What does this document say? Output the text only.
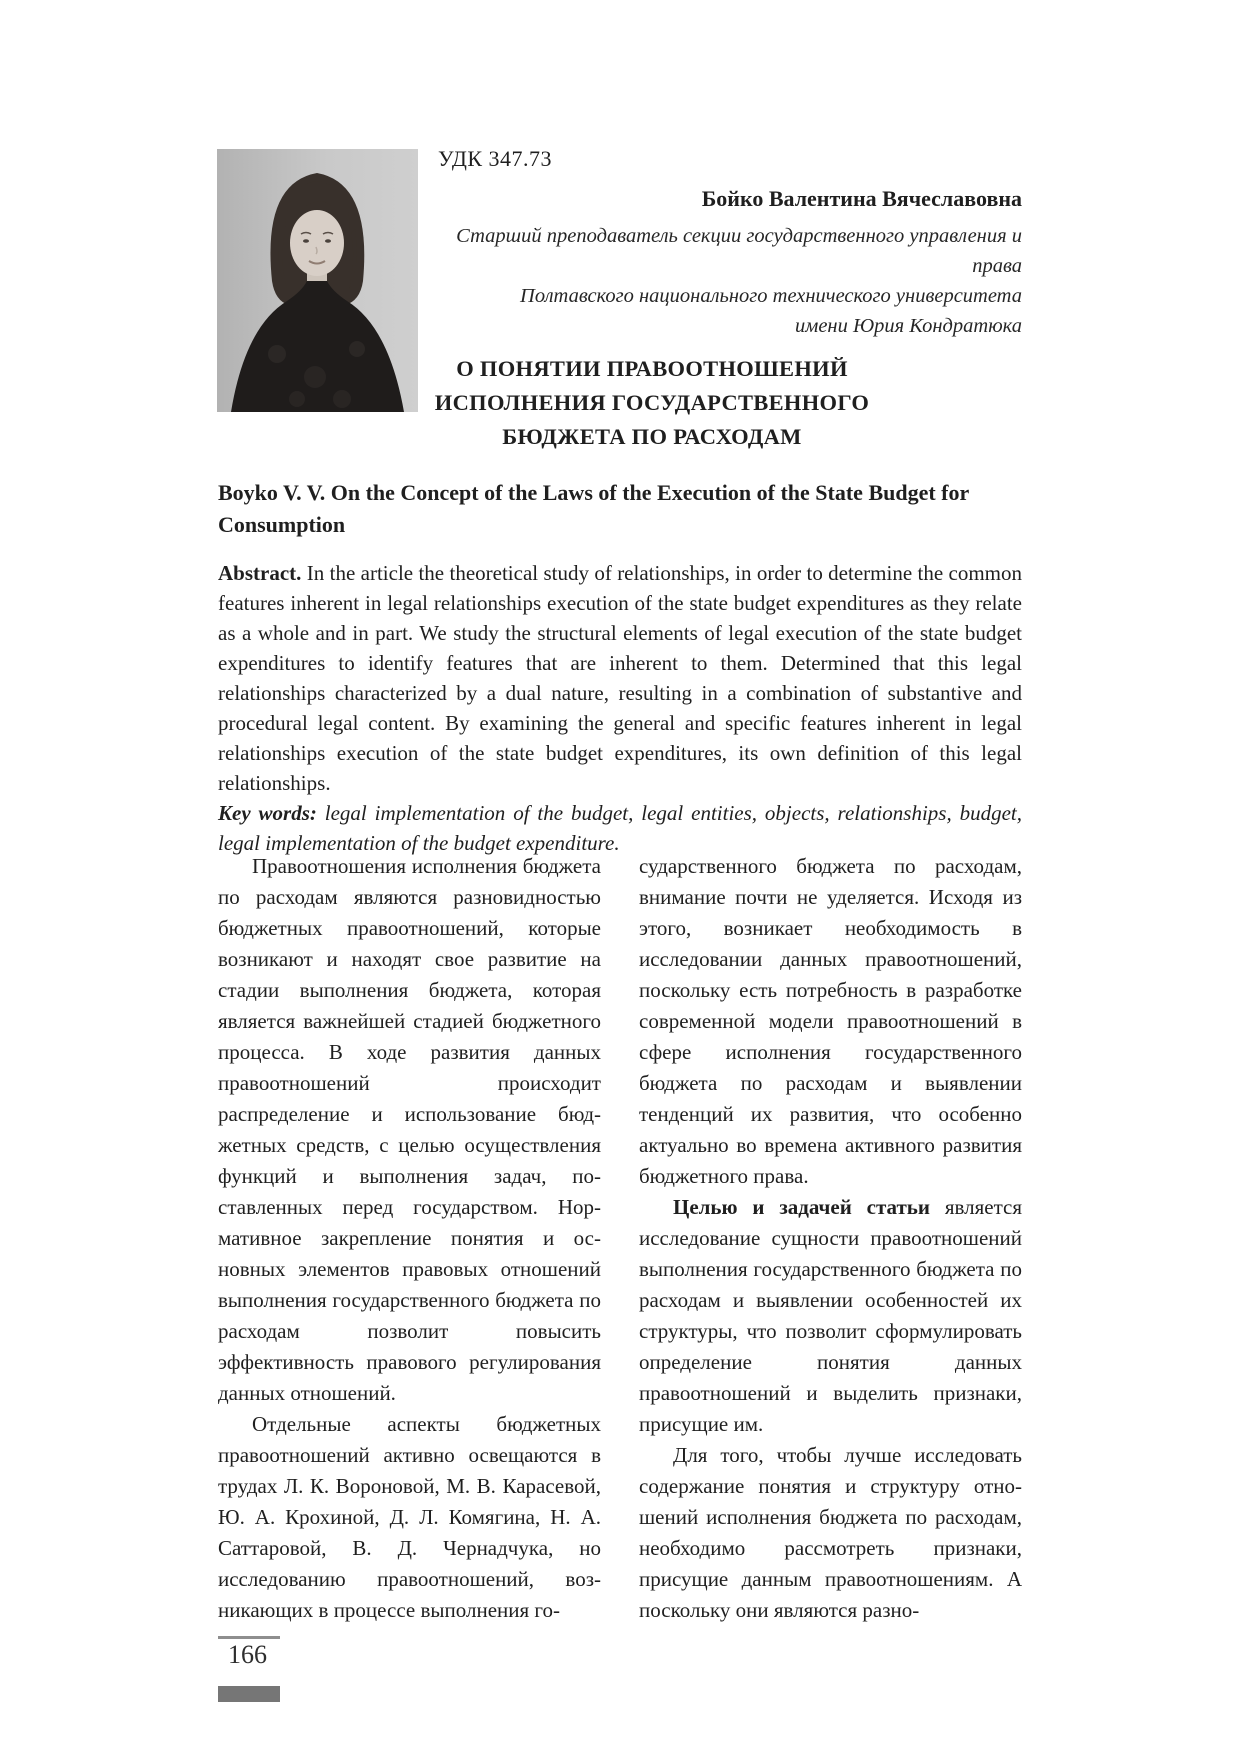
УДК 347.73
Бойко Валентина Вячеславовна
Старший преподаватель секции государственного управления и права
Полтавского национального технического университета
имени Юрия Кондратюка
О ПОНЯТИИ ПРАВООТНОШЕНИЙ
ИСПОЛНЕНИЯ ГОСУДАРСТВЕННОГО
БЮДЖЕТА ПО РАСХОДАМ
Boyko V. V. On the Concept of the Laws of the Execution of the State Budget for Consumption

Abstract. In the article the theoretical study of relationships, in order to determine the common features inherent in legal relationships execution of the state budget expenditures as they relate as a whole and in part. We study the structural elements of legal execution of the state budget expenditures to identify features that are inherent to them. Determined that this legal relationships characterized by a dual nature, resulting in a combination of substantive and procedural legal content. By examining the general and specific features inherent in legal relationships execution of the state budget expenditures, its own definition of this legal relationships.

Key words: legal implementation of the budget, legal entities, objects, relationships, budget, legal implementation of the budget expenditure.

Правоотношения исполнения бюджета по расходам являются разновидностью бюджетных правоотношений, которые возникают и находят свое развитие на стадии выполнения бюджета, которая является важнейшей стадией бюджетного процесса. В ходе развития данных правоотношений происходит распределение и использование бюджетных средств, с целью осуществления функций и выполнения задач, поставленных перед государством. Нормативное закрепление понятия и основных элементов правовых отношений выполнения государственного бюджета по расходам позволит повысить эффективность правового регулирования данных отношений.

Отдельные аспекты бюджетных правоотношений активно освещаются в трудах Л. К. Вороновой, М. В. Карасевой, Ю. А. Крохиной, Д. Л. Комягина, Н. А. Саттаровой, В. Д. Чернадчука, но исследованию правоотношений, возникающих в процессе выполнения го-

сударственного бюджета по расходам, внимание почти не уделяется. Исходя из этого, возникает необходимость в исследовании данных правоотношений, поскольку есть потребность в разработке современной модели правоотношений в сфере исполнения государственного бюджета по расходам и выявлении тенденций их развития, что особенно актуально во времена активного развития бюджетного права.

Целью и задачей статьи является исследование сущности правоотношений выполнения государственного бюджета по расходам и выявлении особенностей их структуры, что позволит сформулировать определение понятия данных правоотношений и выделить признаки, присущие им.

Для того, чтобы лучше исследовать содержание понятия и структуру отношений исполнения бюджета по расходам, необходимо рассмотреть признаки, присущие данным правоотношениям. А поскольку они являются разно-

166
